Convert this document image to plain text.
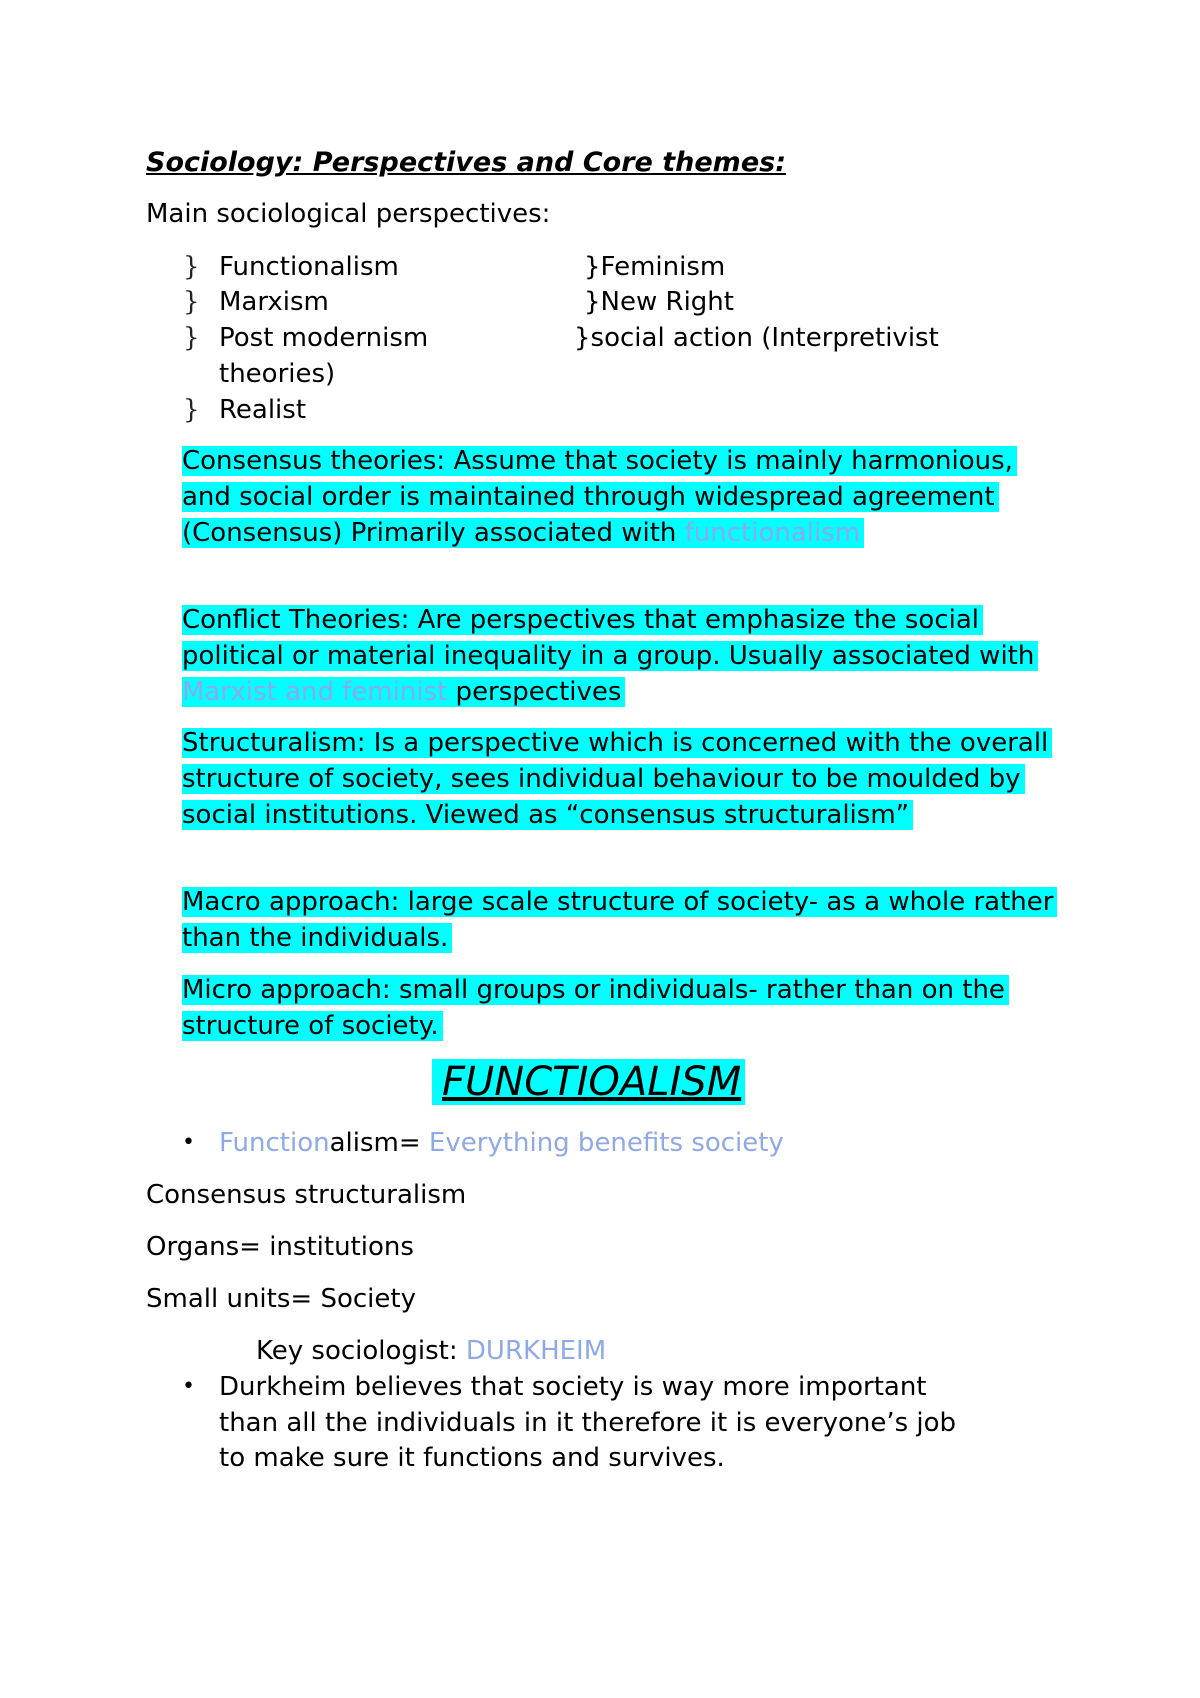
Sociology: Perspectives and Core themes:
Main sociological perspectives:
} Functionalism	}Feminism
} Marxism	}New Right
} Post modernism	}social action (Interpretivist
theories)
} Realist
Consensus theories: Assume that society is mainly harmonious, and social order is maintained through widespread agreement (Consensus) Primarily associated with functionalism
Conflict Theories: Are perspectives that emphasize the social political or material inequality in a group. Usually associated with Marxist and feminist perspectives
Structuralism: Is a perspective which is concerned with the overall structure of society, sees individual behaviour to be moulded by social institutions. Viewed as “consensus structuralism”
Macro approach: large scale structure of society- as a whole rather than the individuals.
Micro approach: small groups or individuals- rather than on the structure of society.
FUNCTIOALISM
• Functionalism= Everything benefits society
Consensus structuralism
Organs= institutions
Small units= Society
Key sociologist: DURKHEIM
• Durkheim believes that society is way more important
than all the individuals in it therefore it is everyone’s job
to make sure it functions and survives.
